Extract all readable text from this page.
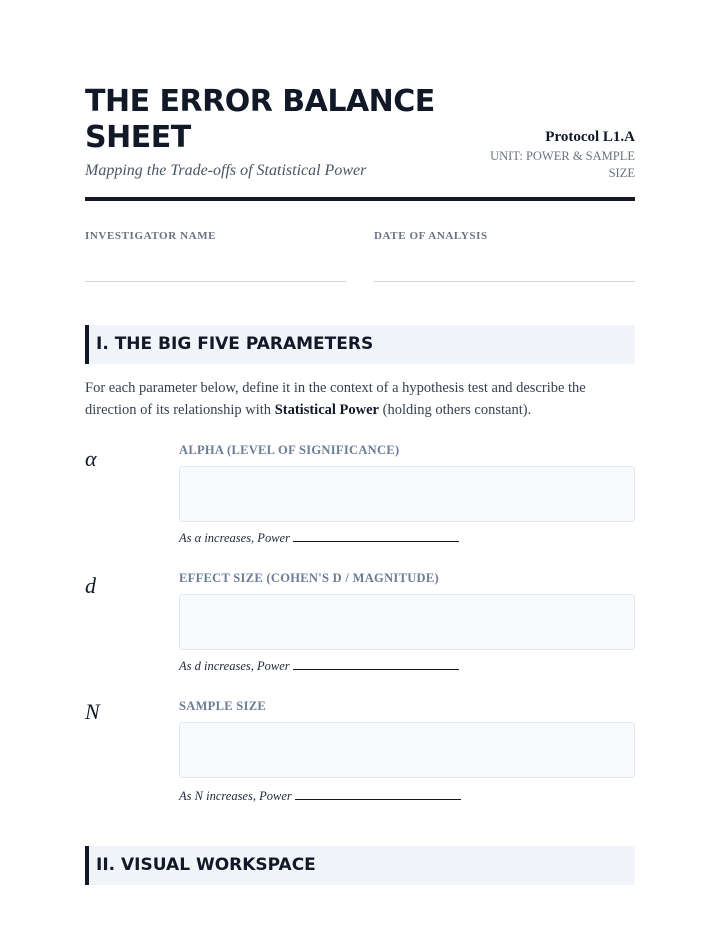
THE ERROR BALANCE SHEET
Mapping the Trade-offs of Statistical Power
Protocol L1.A
UNIT: POWER & SAMPLE SIZE
INVESTIGATOR NAME	DATE OF ANALYSIS
I. THE BIG FIVE PARAMETERS

For each parameter below, define it in the context of a hypothesis test and describe the direction of its relationship with Statistical Power (holding others constant).

α	ALPHA (LEVEL OF SIGNIFICANCE)
As α increases, Power
d	EFFECT SIZE (COHEN'S D / MAGNITUDE)
As d increases, Power
N	SAMPLE SIZE
As N increases, Power
II. VISUAL WORKSPACE
